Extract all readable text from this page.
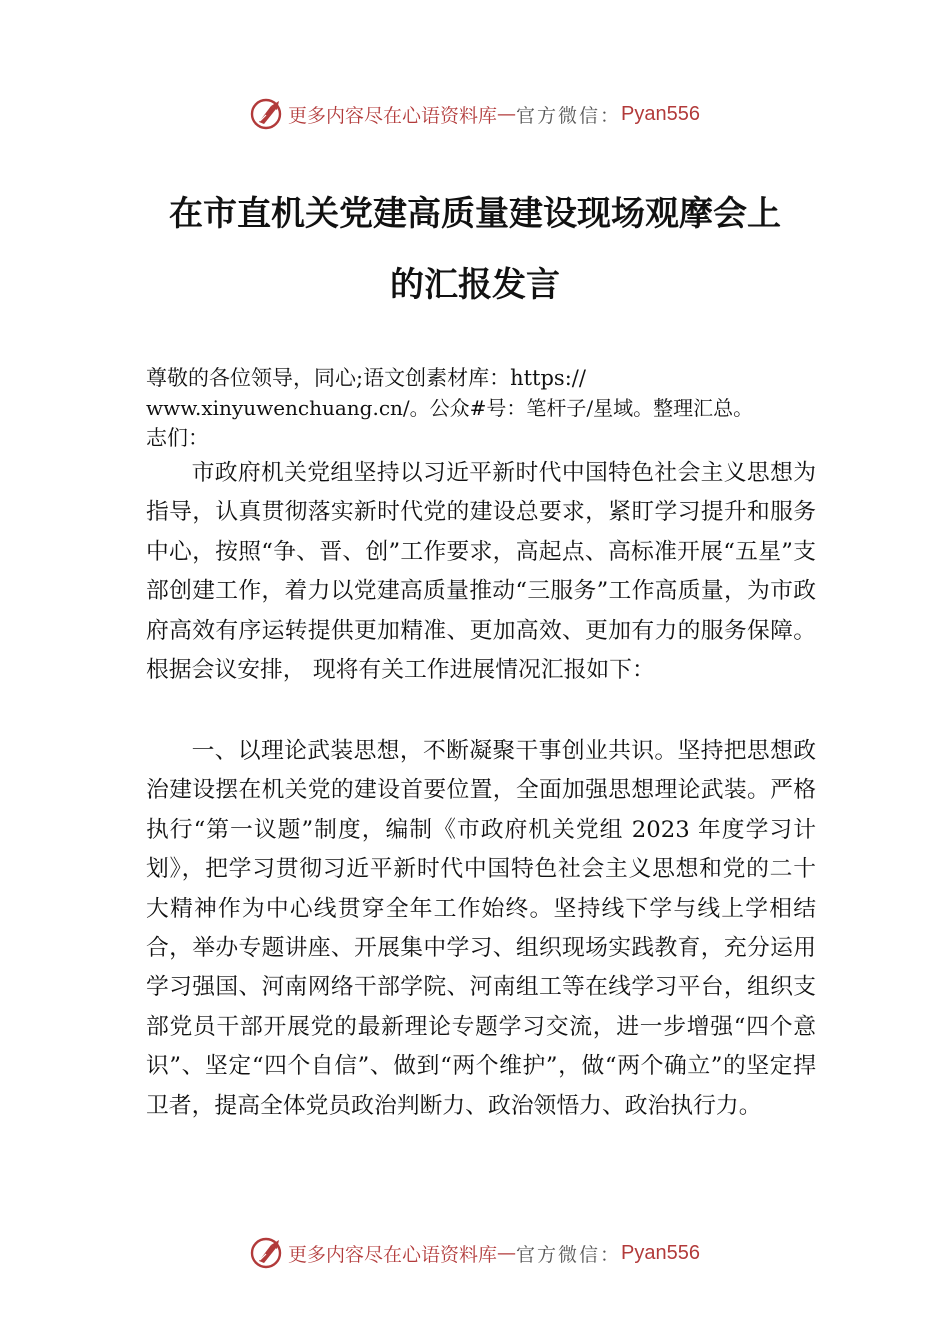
更多内容尽在心语资料库 — 官方微信： Pyan556
在市直机关党建高质量建设现场观摩会上
的汇报发言
尊敬的各位领导，同心;语文创素材库：https://
www.xinyuwenchuang.cn/。公众#号：笔杆子/星域。整理汇总。
志们：

市政府机关党组坚持以习近平新时代中国特色社会主义思想为指导，认真贯彻落实新时代党的建设总要求，紧盯学习提升和服务中心，按照“争、晋、创”工作要求，高起点、高标准开展“五星”支部创建工作，着力以党建高质量推动“三服务”工作高质量，为市政府高效有序运转提供更加精准、更加高效、更加有力的服务保障。根据会议安排， 现将有关工作进展情况汇报如下：

一、以理论武装思想，不断凝聚干事创业共识。坚持把思想政治建设摆在机关党的建设首要位置，全面加强思想理论武装。严格执行“第一议题”制度，编制《市政府机关党组 2023 年度学习计划》，把学习贯彻习近平新时代中国特色社会主义思想和党的二十大精神作为中心线贯穿全年工作始终。坚持线下学与线上学相结合，举办专题讲座、开展集中学习、组织现场实践教育，充分运用学习强国、河南网络干部学院、河南组工等在线学习平台，组织支部党员干部开展党的最新理论专题学习交流，进一步增强“四个意识”、坚定“四个自信”、做到“两个维护”，做“两个确立”的坚定捍卫者，提高全体党员政治判断力、政治领悟力、政治执行力。

更多内容尽在心语资料库 — 官方微信： Pyan556
